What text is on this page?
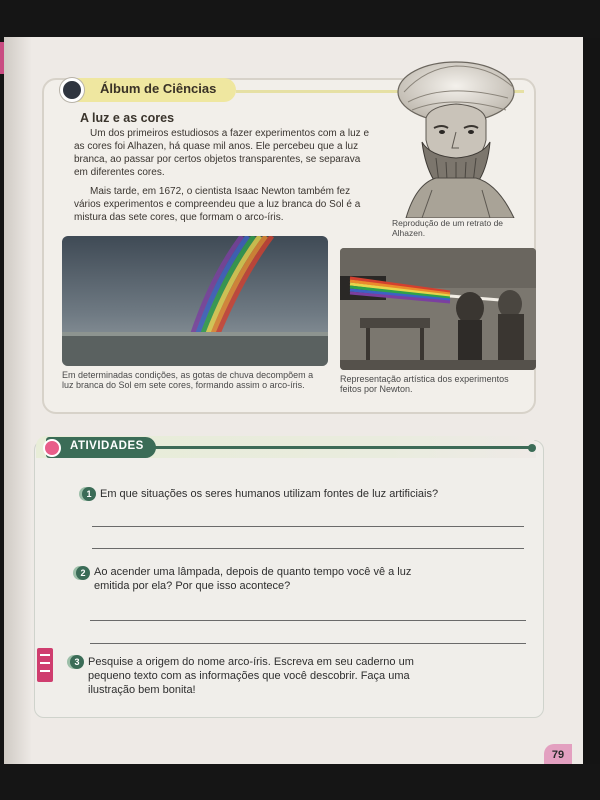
Álbum de Ciências
A luz e as cores
Um dos primeiros estudiosos a fazer experimentos com a luz e as cores foi Alhazen, há quase mil anos. Ele percebeu que a luz branca, ao passar por certos objetos transparentes, se separava em diferentes cores.
Mais tarde, em 1672, o cientista Isaac Newton também fez vários experimentos e compreendeu que a luz branca do Sol é a mistura das sete cores, que formam o arco-íris.	Reprodução de um retrato de Alhazen.
Em determinadas condições, as gotas de chuva decompõem a luz branca do Sol em sete cores, formando assim o arco-íris.
Representação artística dos experimentos feitos por Newton.
ATIVIDADES
1 Em que situações os seres humanos utilizam fontes de luz artificiais?
2 Ao acender uma lâmpada, depois de quanto tempo você vê a luz emitida por ela? Por que isso acontece?
3 Pesquise a origem do nome arco-íris. Escreva em seu caderno um pequeno texto com as informações que você descobrir. Faça uma ilustração bem bonita!
79
